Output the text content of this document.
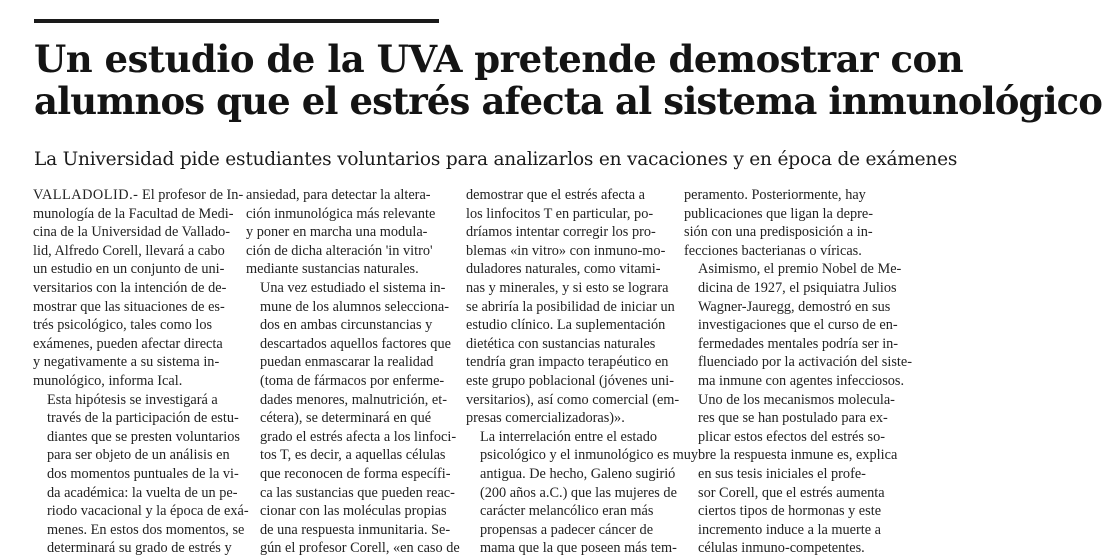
Un estudio de la UVA pretende demostrar con
alumnos que el estrés afecta al sistema inmunológico
La Universidad pide estudiantes voluntarios para analizarlos en vacaciones y en época de exámenes

VALLADOLID.- El profesor de In-
munología de la Facultad de Medi-
cina de la Universidad de Vallado-
lid, Alfredo Corell, llevará a cabo
un estudio en un conjunto de uni-
versitarios con la intención de de-
mostrar que las situaciones de es-
trés psicológico, tales como los
exámenes, pueden afectar directa
y negativamente a su sistema in-
munológico, informa Ical.

Esta hipótesis se investigará a
través de la participación de estu-
diantes que se presten voluntarios
para ser objeto de un análisis en
dos momentos puntuales de la vi-
da académica: la vuelta de un pe-
riodo vacacional y la época de exá-
menes. En estos dos momentos, se
determinará su grado de estrés y

ansiedad, para detectar la altera-
ción inmunológica más relevante
y poner en marcha una modula-
ción de dicha alteración 'in vitro'
mediante sustancias naturales.

Una vez estudiado el sistema in-
mune de los alumnos selecciona-
dos en ambas circunstancias y
descartados aquellos factores que
puedan enmascarar la realidad
(toma de fármacos por enferme-
dades menores, malnutrición, et-
cétera), se determinará en qué
grado el estrés afecta a los linfoci-
tos T, es decir, a aquellas células
que reconocen de forma específi-
ca las sustancias que pueden reac-
cionar con las moléculas propias
de una respuesta inmunitaria. Se-
gún el profesor Corell, «en caso de

demostrar que el estrés afecta a
los linfocitos T en particular, po-
dríamos intentar corregir los pro-
blemas «in vitro» con inmuno-mo-
duladores naturales, como vitami-
nas y minerales, y si esto se lograra
se abriría la posibilidad de iniciar un
estudio clínico. La suplementación
dietética con sustancias naturales
tendría gran impacto terapéutico en
este grupo poblacional (jóvenes uni-
versitarios), así como comercial (em-
presas comercializadoras)».

La interrelación entre el estado
psicológico y el inmunológico es muy
antigua. De hecho, Galeno sugirió
(200 años a.C.) que las mujeres de
carácter melancólico eran más
propensas a padecer cáncer de
mama que la que poseen más tem-

peramento. Posteriormente, hay
publicaciones que ligan la depre-
sión con una predisposición a in-
fecciones bacterianas o víricas.

Asimismo, el premio Nobel de Me-
dicina de 1927, el psiquiatra Julios
Wagner-Jauregg, demostró en sus
investigaciones que el curso de en-
fermedades mentales podría ser in-
fluenciado por la activación del siste-
ma inmune con agentes infecciosos.

Uno de los mecanismos molecula-
res que se han postulado para ex-
plicar estos efectos del estrés so-
bre la respuesta inmune es, explica
en sus tesis iniciales el profe-
sor Corell, que el estrés aumenta
ciertos tipos de hormonas y este
incremento induce a la muerte a
células inmuno-competentes.
